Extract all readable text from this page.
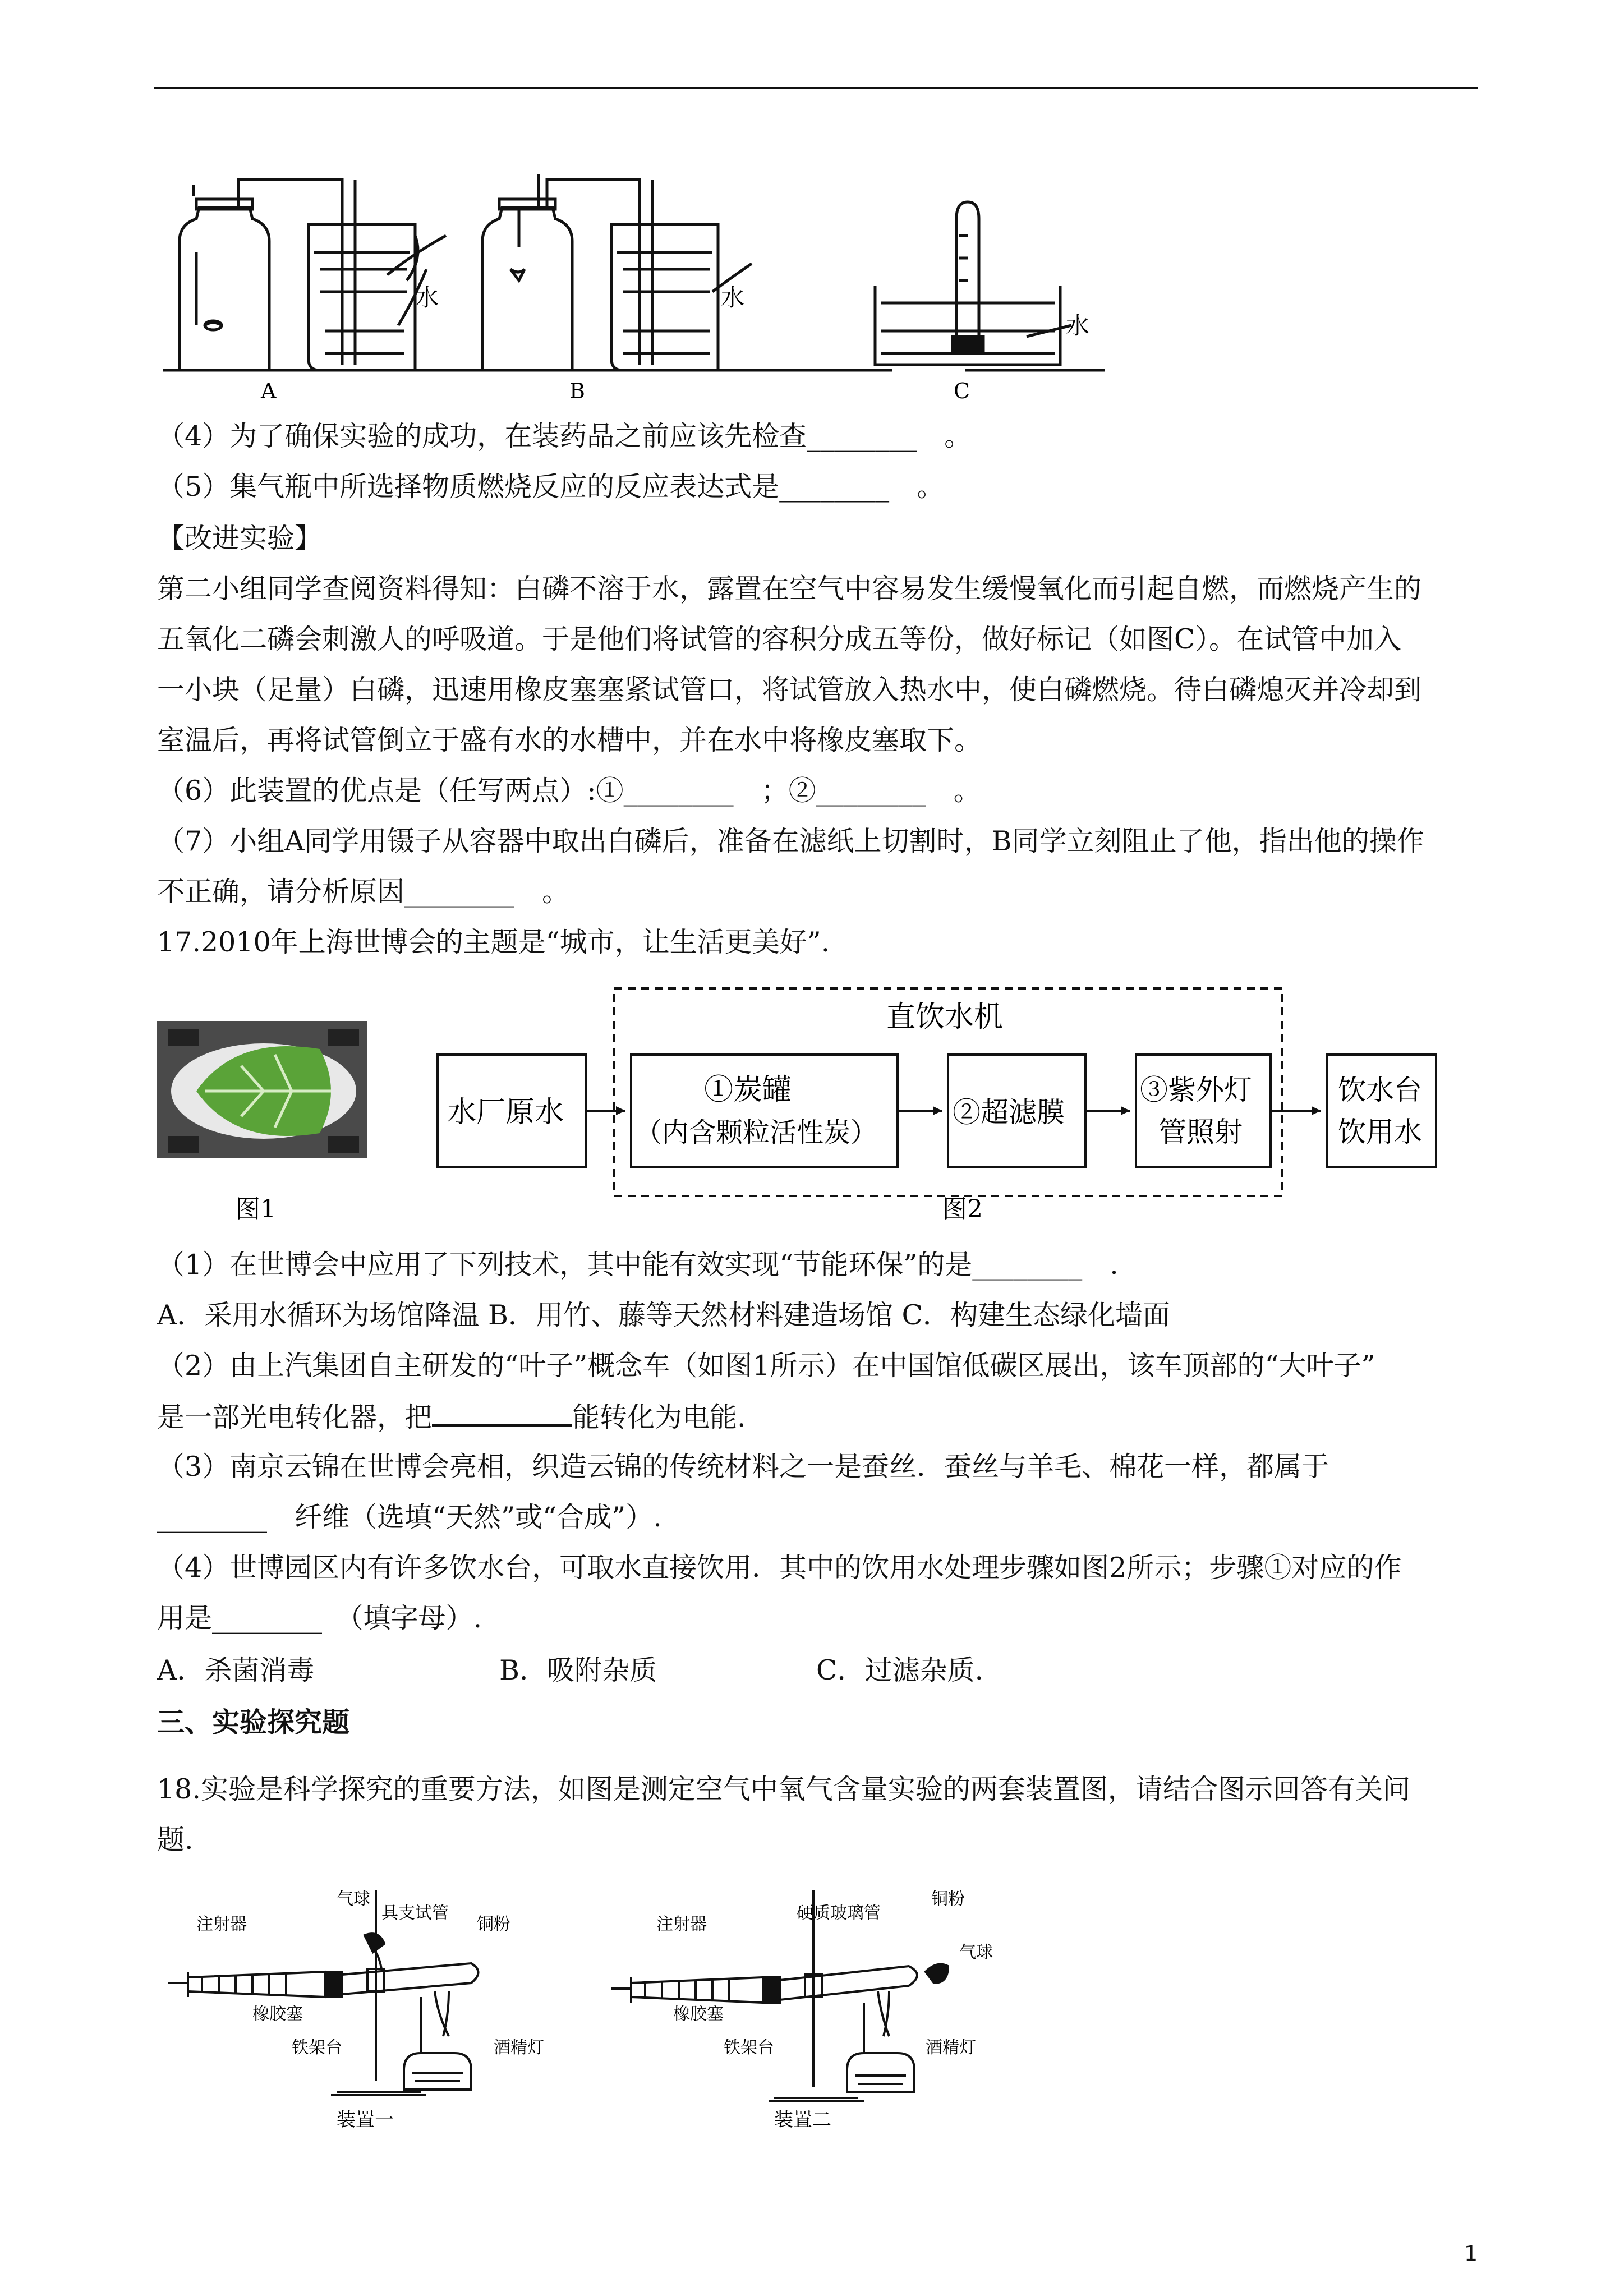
水	水
水
A	B	C
（4）为了确保实验的成功，在装药品之前应该先检查________　。
（5）集气瓶中所选择物质燃烧反应的反应表达式是________　。
【改进实验】
第二小组同学查阅资料得知：白磷不溶于水，露置在空气中容易发生缓慢氧化而引起自燃，而燃烧产生的
五氧化二磷会刺激人的呼吸道。于是他们将试管的容积分成五等份，做好标记（如图C）。在试管中加入
一小块（足量）白磷，迅速用橡皮塞塞紧试管口，将试管放入热水中，使白磷燃烧。待白磷熄灭并冷却到
室温后，再将试管倒立于盛有水的水槽中，并在水中将橡皮塞取下。
（6）此装置的优点是（任写两点）:①________　；②________　。
（7）小组A同学用镊子从容器中取出白磷后，准备在滤纸上切割时，B同学立刻阻止了他，指出他的操作
不正确，请分析原因________　。
17.2010年上海世博会的主题是“城市，让生活更美好”.
直饮水机
水厂原水
①炭罐
（内含颗粒活性炭）
②超滤膜
③紫外灯
管照射
饮水台
饮用水
图1	图2
（1）在世博会中应用了下列技术，其中能有效实现“节能环保”的是________　.
A．采用水循环为场馆降温 B．用竹、藤等天然材料建造场馆 C．构建生态绿化墙面
（2）由上汽集团自主研发的“叶子”概念车（如图1所示）在中国馆低碳区展出，该车顶部的“大叶子”
是一部光电转化器，把	能转化为电能.
（3）南京云锦在世博会亮相，织造云锦的传统材料之一是蚕丝．蚕丝与羊毛、棉花一样，都属于
________　纤维（选填“天然”或“合成”）.
（4）世博园区内有许多饮水台，可取水直接饮用．其中的饮用水处理步骤如图2所示；步骤①对应的作
用是________　（填字母）.
A．杀菌消毒	B．吸附杂质	C．过滤杂质.
三、实验探究题
18.实验是科学探究的重要方法，如图是测定空气中氧气含量实验的两套装置图，请结合图示回答有关问
题.
气球
注射器
具支试管
铜粉
橡胶塞
铁架台	酒精灯
装置一
注射器
硬质玻璃管
铜粉
气球
橡胶塞
铁架台	酒精灯
装置二
1
